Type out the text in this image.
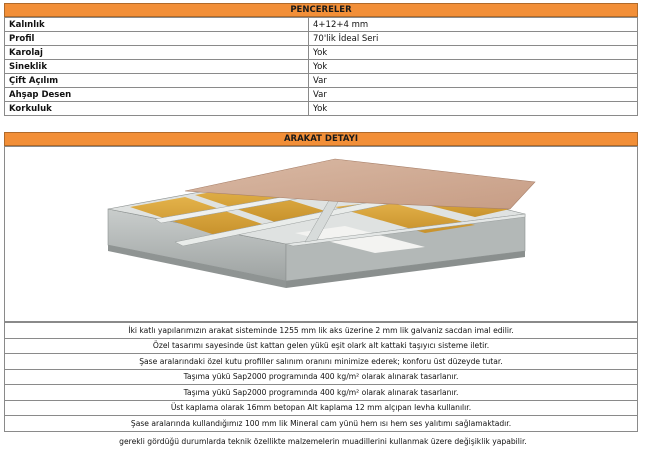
PENCERELER
Kalınlık	4+12+4 mm
Profil	70'lik İdeal Seri
Karolaj	Yok
Sineklik	Yok
Çift Açılım	Var
Ahşap Desen	Var
Korkuluk	Yok
ARAKAT DETAYI
İki katlı yapılarımızın arakat sisteminde 1255 mm lik aks üzerine 2 mm lik galvaniz sacdan imal edilir.
Özel tasarımı sayesinde üst kattan gelen yükü eşit olark alt kattaki taşıyıcı sisteme iletir.
Şase aralarındaki özel kutu profiller salınım oranını minimize ederek; konforu üst düzeyde tutar.
Taşıma yükü Sap2000 programında 400 kg/m² olarak alınarak tasarlanır.
Taşıma yükü Sap2000 programında 400 kg/m² olarak alınarak tasarlanır.
Üst kaplama olarak 16mm betopan Alt kaplama 12 mm alçıpan levha kullanılır.
Şase aralarında kullandığımız 100 mm lik Mineral cam yünü hem ısı hem ses yalıtımı sağlamaktadır.
gerekli gördüğü durumlarda teknik özellikte malzemelerin muadillerini kullanmak üzere değişiklik yapabilir.
